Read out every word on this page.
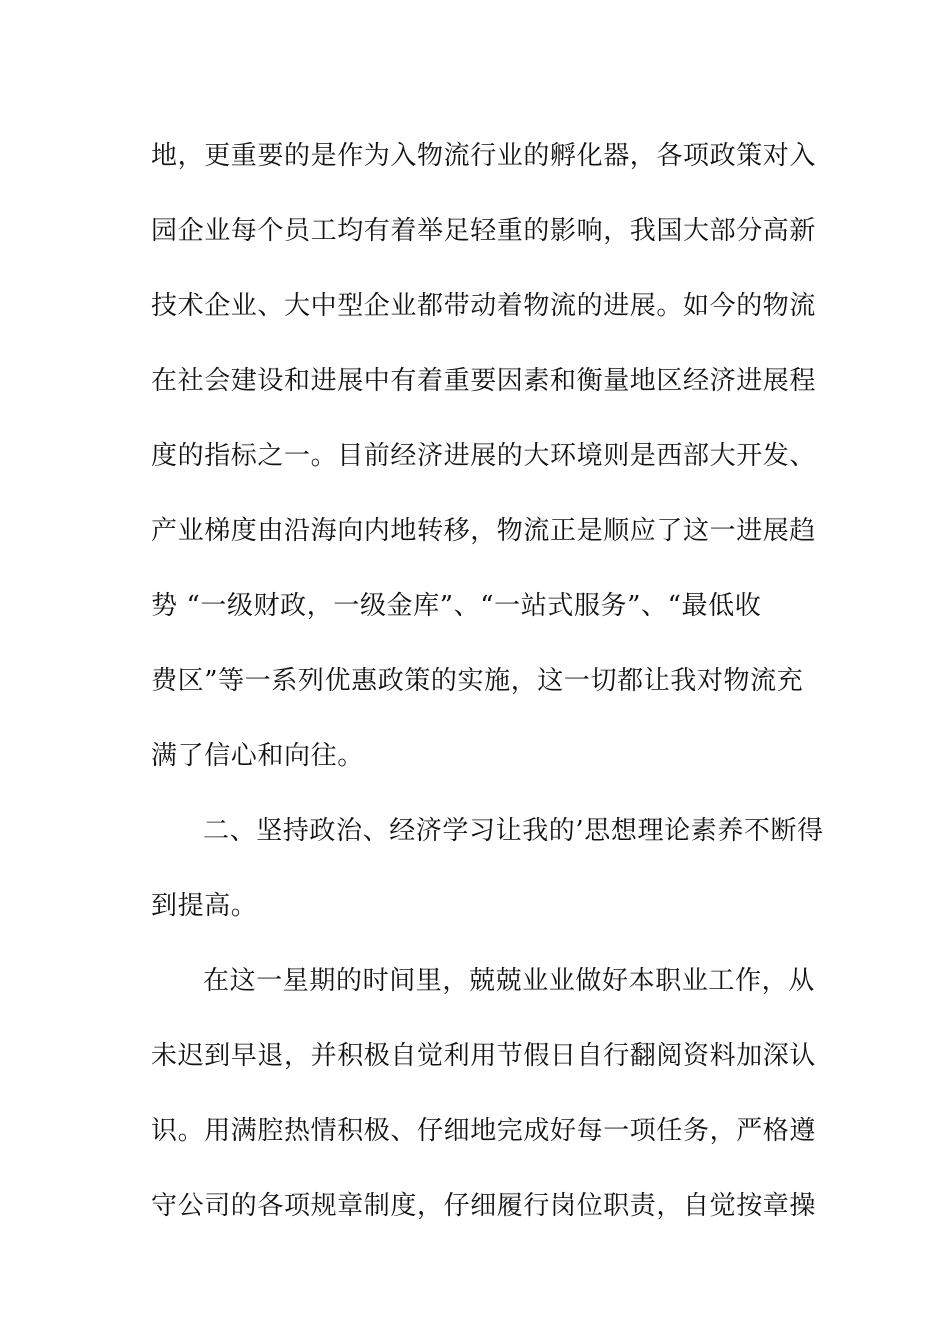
地，更重要的是作为入物流行业的孵化器，各项政策对入
园企业每个员工均有着举足轻重的影响，我国大部分高新
技术企业、大中型企业都带动着物流的进展。如今的物流
在社会建设和进展中有着重要因素和衡量地区经济进展程
度的指标之一。目前经济进展的大环境则是西部大开发、
产业梯度由沿海向内地转移，物流正是顺应了这一进展趋
势 “一级财政，一级金库”、“一站式服务”、“最低收
费区”等一系列优惠政策的实施，这一切都让我对物流充
满了信心和向往。
二、坚持政治、经济学习让我的’思想理论素养不断得
到提高。
在这一星期的时间里，兢兢业业做好本职业工作，从
未迟到早退，并积极自觉利用节假日自行翻阅资料加深认
识。用满腔热情积极、仔细地完成好每一项任务，严格遵
守公司的各项规章制度，仔细履行岗位职责，自觉按章操
